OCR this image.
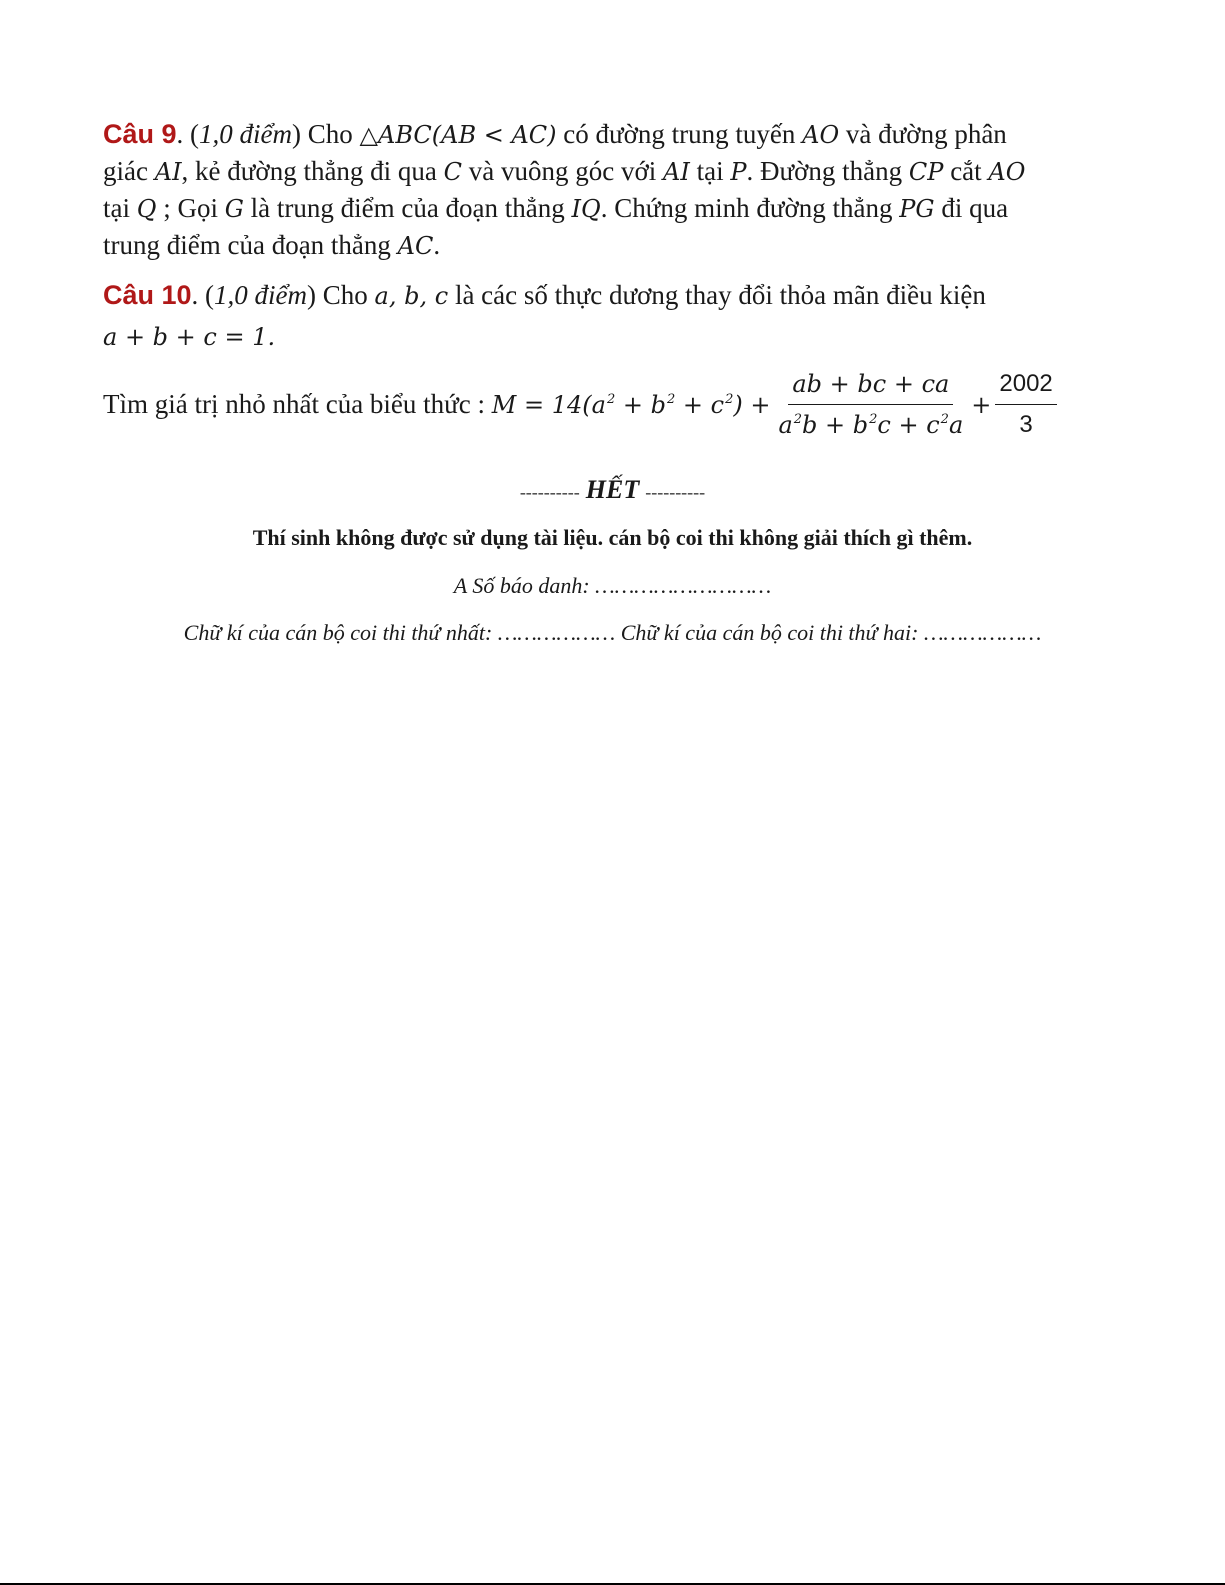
Câu 9. (1,0 điểm) Cho △ABC(AB < AC) có đường trung tuyến AO và đường phân
giác AI, kẻ đường thẳng đi qua C và vuông góc với AI tại P. Đường thẳng CP cắt AO
tại Q ; Gọi G là trung điểm của đoạn thẳng IQ. Chứng minh đường thẳng PG đi qua
trung điểm của đoạn thẳng AC.
Câu 10. (1,0 điểm) Cho a, b, c là các số thực dương thay đổi thỏa mãn điều kiện
a + b + c = 1.
Tìm giá trị nhỏ nhất của biểu thức :
$M = 14(a^2 + b^2 + c^2) + \frac{ab + bc + ca}{a^2b + b^2c + c^2a} + \frac{2002}{3}$
---------- HẾT ----------
Thí sinh không được sử dụng tài liệu. cán bộ coi thi không giải thích gì thêm.
A Số báo danh: ………………………
Chữ kí của cán bộ coi thi thứ nhất: ……………… Chữ kí của cán bộ coi thi thứ hai: ………………
